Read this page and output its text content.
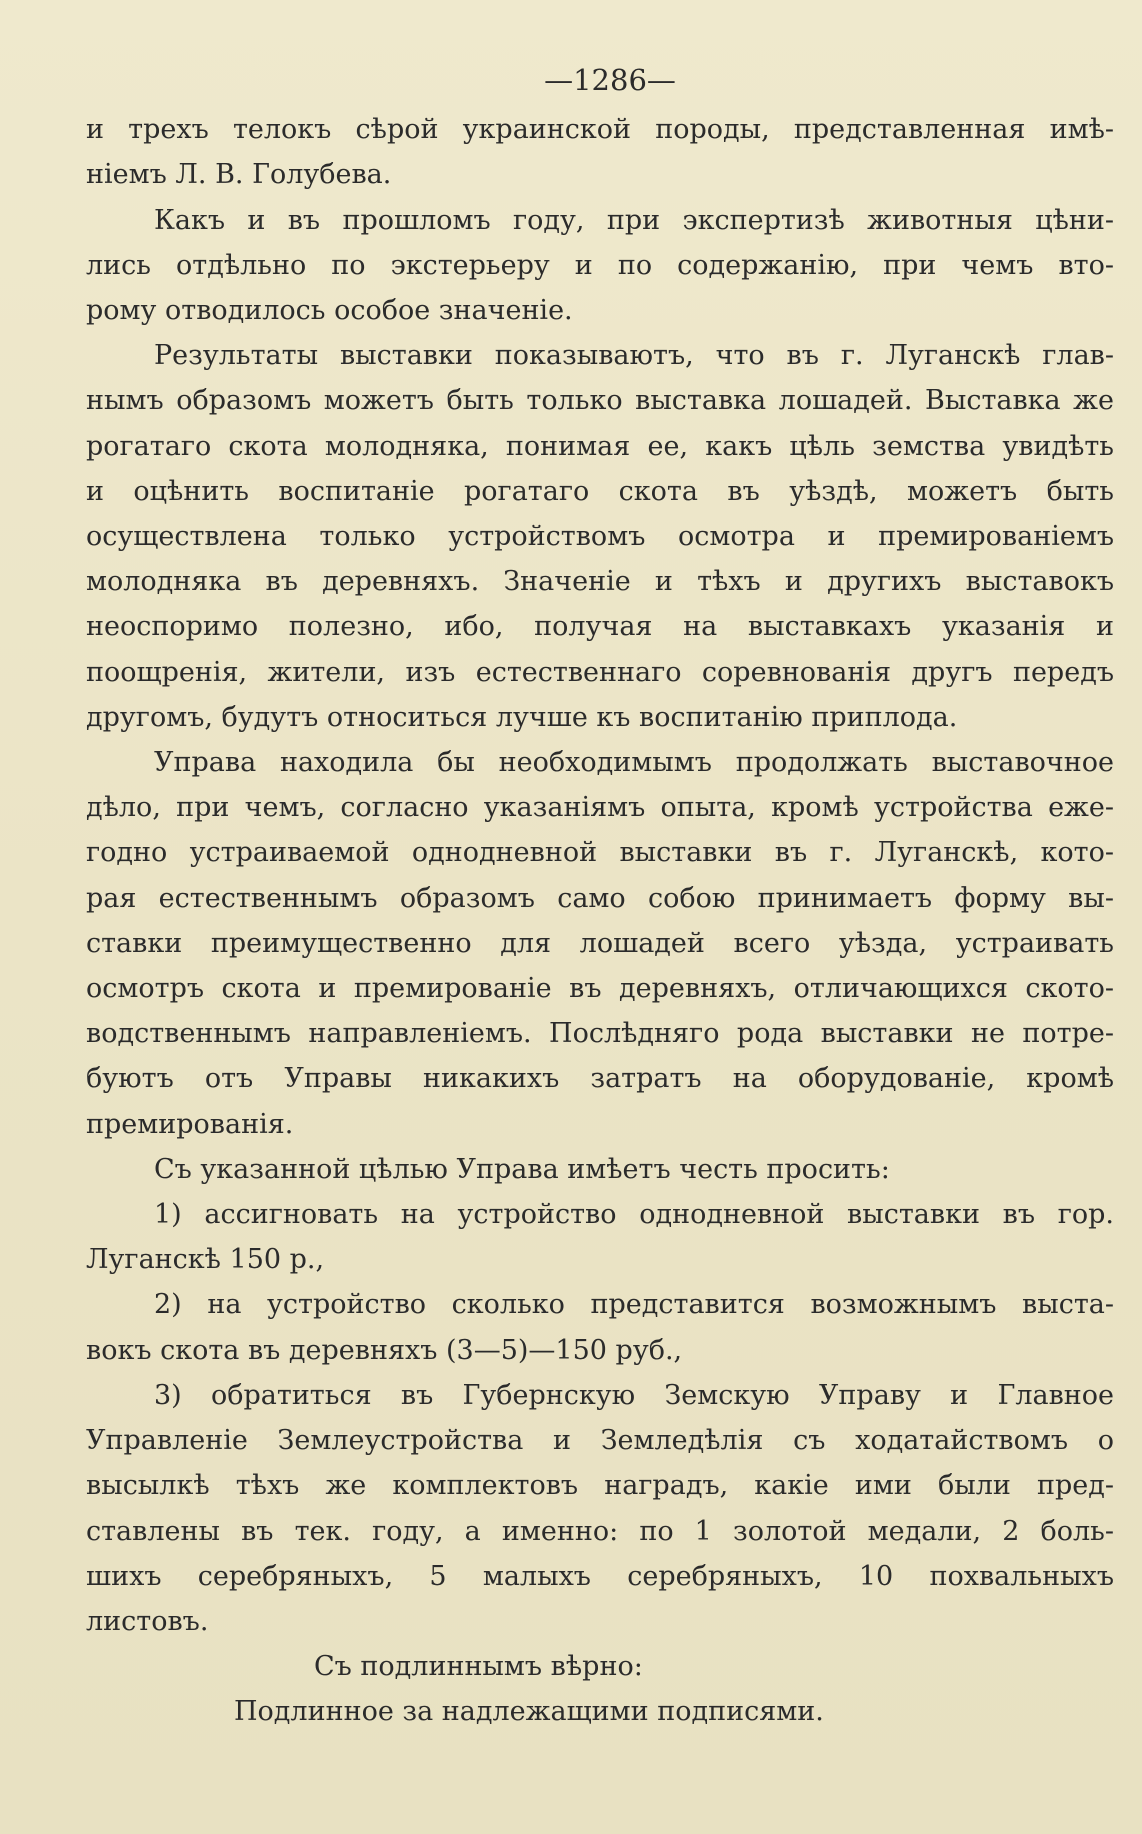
—1286—

и трехъ телокъ сѣрой украинской породы, представленная имѣ-

ніемъ Л. В. Голубева.

Какъ и въ прошломъ году, при экспертизѣ животныя цѣни-

лись отдѣльно по экстерьеру и по содержанію, при чемъ вто-

рому отводилось особое значеніе.

Результаты выставки показываютъ, что въ г. Луганскѣ глав-

нымъ образомъ можетъ быть только выставка лошадей. Выставка же

рогатаго скота молодняка, понимая ее, какъ цѣль земства увидѣть

и оцѣнить воспитаніе рогатаго скота въ уѣздѣ, можетъ быть

осуществлена только устройствомъ осмотра и премированіемъ

молодняка въ деревняхъ. Значеніе и тѣхъ и другихъ выставокъ

неоспоримо полезно, ибо, получая на выставкахъ указанія и

поощренія, жители, изъ естественнаго соревнованія другъ передъ

другомъ, будутъ относиться лучше къ воспитанію приплода.

Управа находила бы необходимымъ продолжать выставочное

дѣло, при чемъ, согласно указаніямъ опыта, кромѣ устройства еже-

годно устраиваемой однодневной выставки въ г. Луганскѣ, кото-

рая естественнымъ образомъ само собою принимаетъ форму вы-

ставки преимущественно для лошадей всего уѣзда, устраивать

осмотръ скота и премированіе въ деревняхъ, отличающихся ското-

водственнымъ направленіемъ. Послѣдняго рода выставки не потре-

буютъ отъ Управы никакихъ затратъ на оборудованіе, кромѣ

премированія.

Съ указанной цѣлью Управа имѣетъ честь просить:

1) ассигновать на устройство однодневной выставки въ гор.

Луганскѣ 150 р.,

2) на устройство сколько представится возможнымъ выста-

вокъ скота въ деревняхъ (3—5)—150 руб.,

3) обратиться въ Губернскую Земскую Управу и Главное

Управленіе Землеустройства и Земледѣлія съ ходатайствомъ о

высылкѣ тѣхъ же комплектовъ наградъ, какіе ими были пред-

ставлены въ тек. году, а именно: по 1 золотой медали, 2 боль-

шихъ серебряныхъ, 5 малыхъ серебряныхъ, 10 похвальныхъ

листовъ.

Съ подлиннымъ вѣрно:

Подлинное за надлежащими подписями.
